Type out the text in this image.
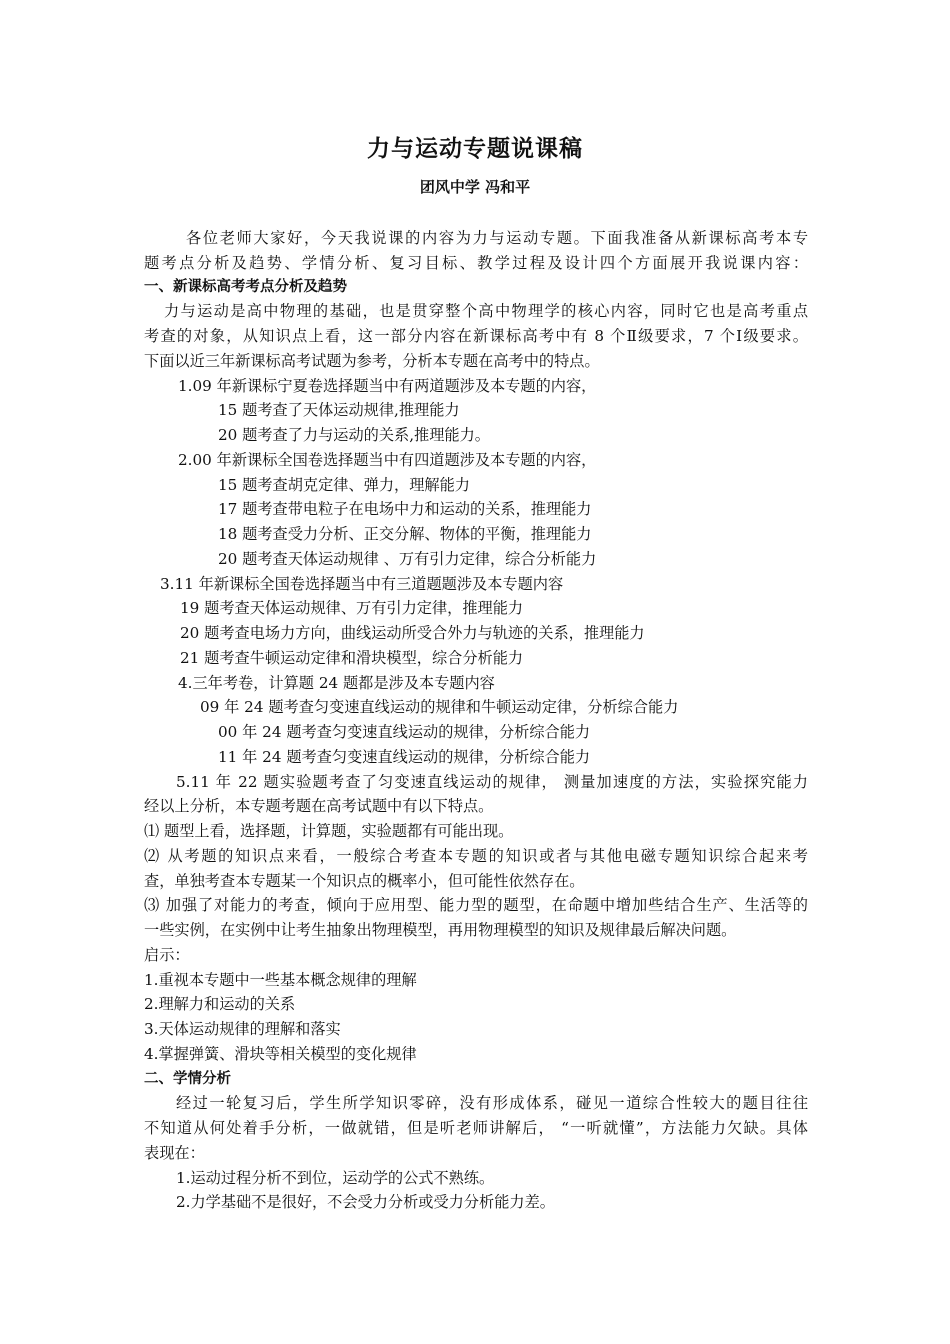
力与运动专题说课稿
团风中学 冯和平
各位老师大家好，今天我说课的内容为力与运动专题。下面我准备从新课标高考本专
题考点分析及趋势、学情分析、复习目标、教学过程及设计四个方面展开我说课内容：
一、新课标高考考点分析及趋势
力与运动是高中物理的基础，也是贯穿整个高中物理学的核心内容，同时它也是高考重点
考查的对象，从知识点上看，这一部分内容在新课标高考中有 8 个Ⅱ级要求，7 个Ⅰ级要求。
下面以近三年新课标高考试题为参考，分析本专题在高考中的特点。
1.09 年新课标宁夏卷选择题当中有两道题涉及本专题的内容，
15 题考查了天体运动规律,推理能力
20 题考查了力与运动的关系,推理能力。
2.00 年新课标全国卷选择题当中有四道题涉及本专题的内容，
15 题考查胡克定律、弹力，理解能力
17 题考查带电粒子在电场中力和运动的关系，推理能力
18 题考查受力分析、正交分解、物体的平衡，推理能力
20 题考查天体运动规律 、万有引力定律，综合分析能力
3.11 年新课标全国卷选择题当中有三道题题涉及本专题内容
19 题考查天体运动规律、万有引力定律，推理能力
20 题考查电场力方向，曲线运动所受合外力与轨迹的关系，推理能力
21 题考查牛顿运动定律和滑块模型，综合分析能力
4.三年考卷，计算题 24 题都是涉及本专题内容
09 年 24 题考查匀变速直线运动的规律和牛顿运动定律，分析综合能力
00 年 24 题考查匀变速直线运动的规律，分析综合能力
11 年 24 题考查匀变速直线运动的规律，分析综合能力
5.11 年 22 题实验题考查了匀变速直线运动的规律， 测量加速度的方法，实验探究能力
经以上分析，本专题考题在高考试题中有以下特点。
⑴ 题型上看，选择题，计算题，实验题都有可能出现。
⑵ 从考题的知识点来看，一般综合考查本专题的知识或者与其他电磁专题知识综合起来考
查，单独考查本专题某一个知识点的概率小，但可能性依然存在。
⑶ 加强了对能力的考查，倾向于应用型、能力型的题型，在命题中增加些结合生产、生活等的
一些实例，在实例中让考生抽象出物理模型，再用物理模型的知识及规律最后解决问题。
启示：
1.重视本专题中一些基本概念规律的理解
2.理解力和运动的关系
3.天体运动规律的理解和落实
4.掌握弹簧、滑块等相关模型的变化规律
二、学情分析
经过一轮复习后，学生所学知识零碎，没有形成体系，碰见一道综合性较大的题目往往
不知道从何处着手分析，一做就错，但是听老师讲解后， “一听就懂”，方法能力欠缺。具体
表现在：
1.运动过程分析不到位，运动学的公式不熟练。
2.力学基础不是很好，不会受力分析或受力分析能力差。
